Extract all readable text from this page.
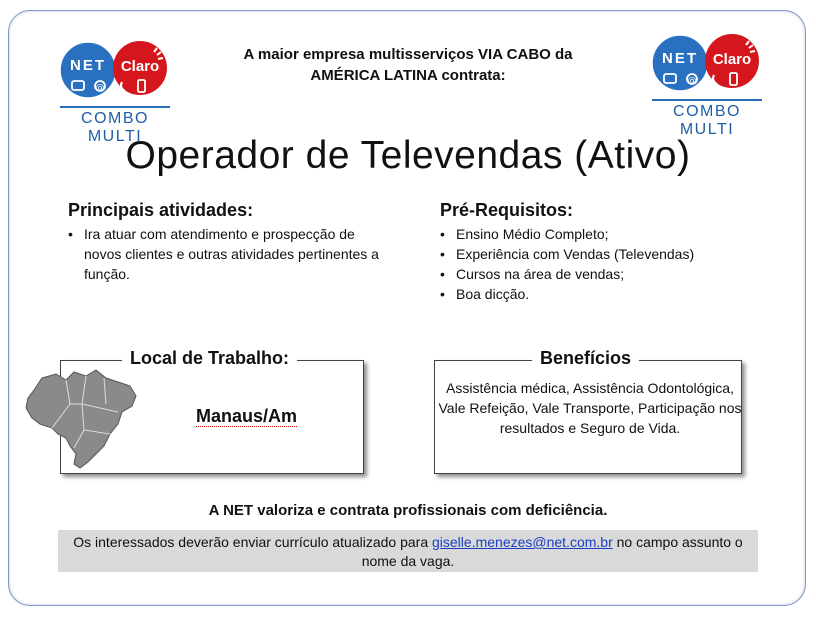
NET Claro
@
COMBO MULTI
NET Claro
@
COMBO MULTI
A maior empresa multisserviços VIA CABO da
AMÉRICA LATINA contrata:
Operador de Televendas (Ativo)
Principais atividades:
• Ira atuar com atendimento e prospecção de novos clientes e outras atividades pertinentes a função.
Pré-Requisitos:
• Ensino Médio Completo;
• Experiência com Vendas (Televendas)
• Cursos na área de vendas;
• Boa dicção.
Local de Trabalho:
Manaus/Am
Benefícios
Assistência médica, Assistência Odontológica, Vale Refeição, Vale Transporte, Participação nos resultados e Seguro de Vida.
A NET valoriza e contrata profissionais com deficiência.
Os interessados deverão enviar currículo atualizado para giselle.menezes@net.com.br no campo assunto o nome da vaga.
